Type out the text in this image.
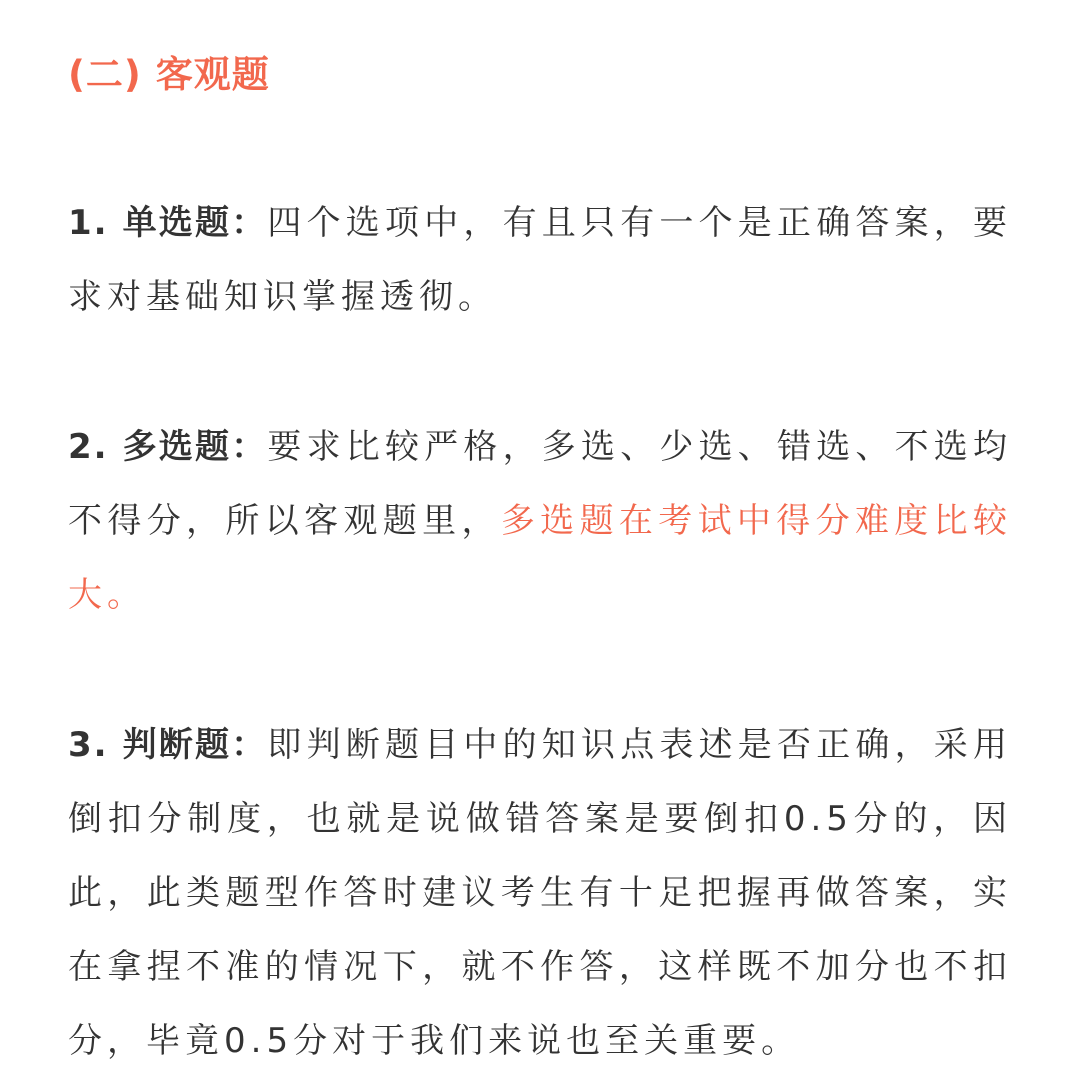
(二) 客观题

1. 单选题：四个选项中，有且只有一个是正确答案，要求对基础知识掌握透彻。

2. 多选题：要求比较严格，多选、少选、错选、不选均不得分，所以客观题里，多选题在考试中得分难度比较大。

3. 判断题：即判断题目中的知识点表述是否正确，采用倒扣分制度，也就是说做错答案是要倒扣0.5分的，因此，此类题型作答时建议考生有十足把握再做答案，实在拿捏不准的情况下，就不作答，这样既不加分也不扣分，毕竟0.5分对于我们来说也至关重要。
